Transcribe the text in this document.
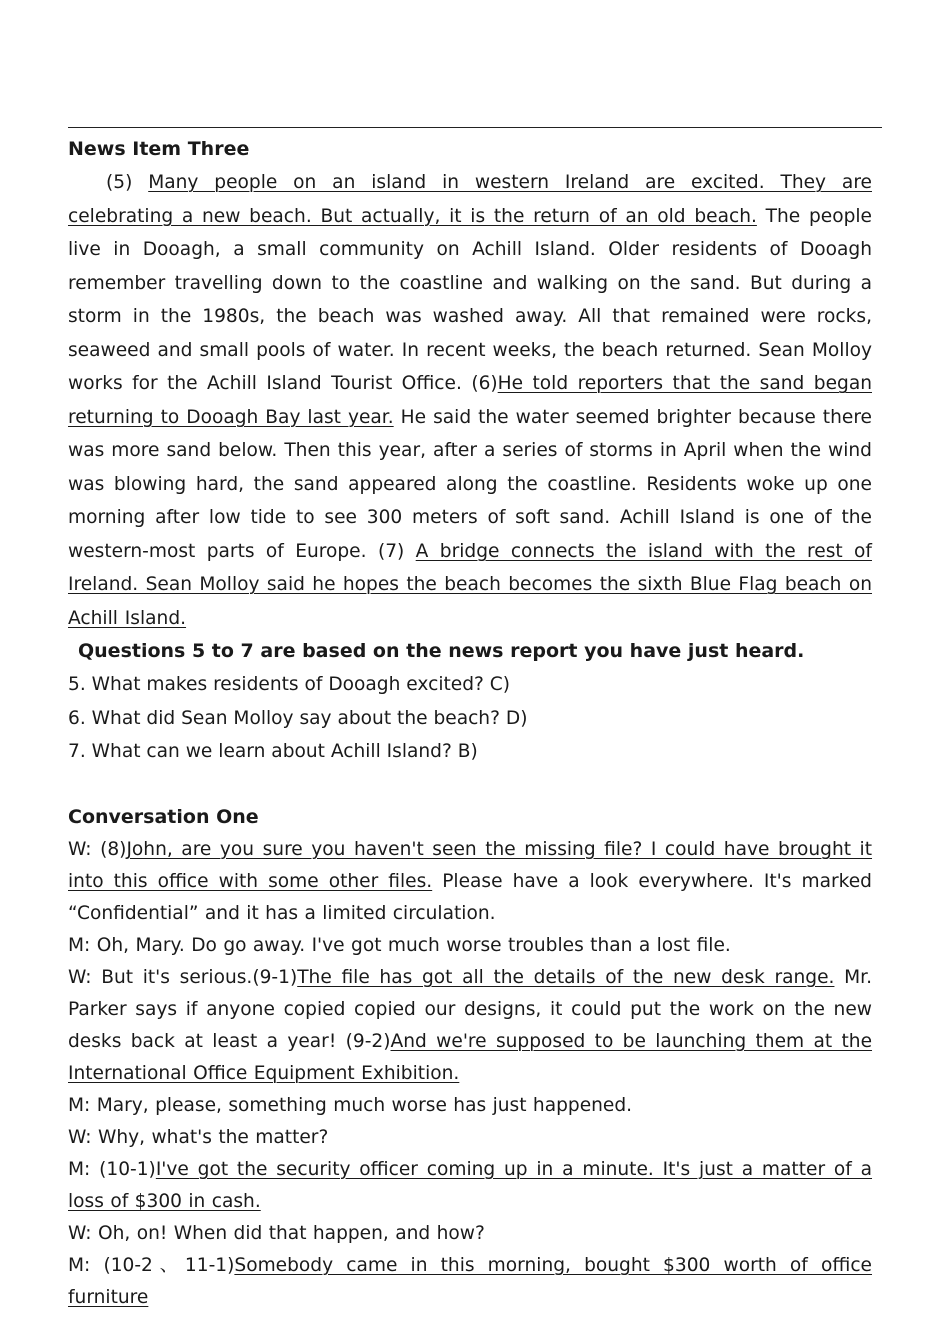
News Item Three

(5) Many people on an island in western Ireland are excited. They are celebrating a new beach. But actually, it is the return of an old beach. The people live in Dooagh, a small community on Achill Island. Older residents of Dooagh remember travelling down to the coastline and walking on the sand. But during a storm in the 1980s, the beach was washed away. All that remained were rocks, seaweed and small pools of water. In recent weeks, the beach returned. Sean Molloy works for the Achill Island Tourist Office. (6)He told reporters that the sand began returning to Dooagh Bay last year. He said the water seemed brighter because there was more sand below. Then this year, after a series of storms in April when the wind was blowing hard, the sand appeared along the coastline. Residents woke up one morning after low tide to see 300 meters of soft sand. Achill Island is one of the western-most parts of Europe. (7) A bridge connects the island with the rest of Ireland. Sean Molloy said he hopes the beach becomes the sixth Blue Flag beach on Achill Island.

Questions 5 to 7 are based on the news report you have just heard.
5. What makes residents of Dooagh excited? C)
6. What did Sean Molloy say about the beach? D)
7. What can we learn about Achill Island? B)
Conversation One

W: (8)John, are you sure you haven't seen the missing file? I could have brought it into this office with some other files. Please have a look everywhere. It's marked “Confidential” and it has a limited circulation.

M: Oh, Mary. Do go away. I've got much worse troubles than a lost file.

W: But it's serious.(9-1)The file has got all the details of the new desk range. Mr. Parker says if anyone copied copied our designs, it could put the work on the new desks back at least a year! (9-2)And we're supposed to be launching them at the International Office Equipment Exhibition.

M: Mary, please, something much worse has just happened.
W: Why, what's the matter?

M: (10-1)I've got the security officer coming up in a minute. It's just a matter of a loss of $300 in cash.

W: Oh, on! When did that happen, and how?

M: (10-2、11-1)Somebody came in this morning, bought $300 worth of office furniture
